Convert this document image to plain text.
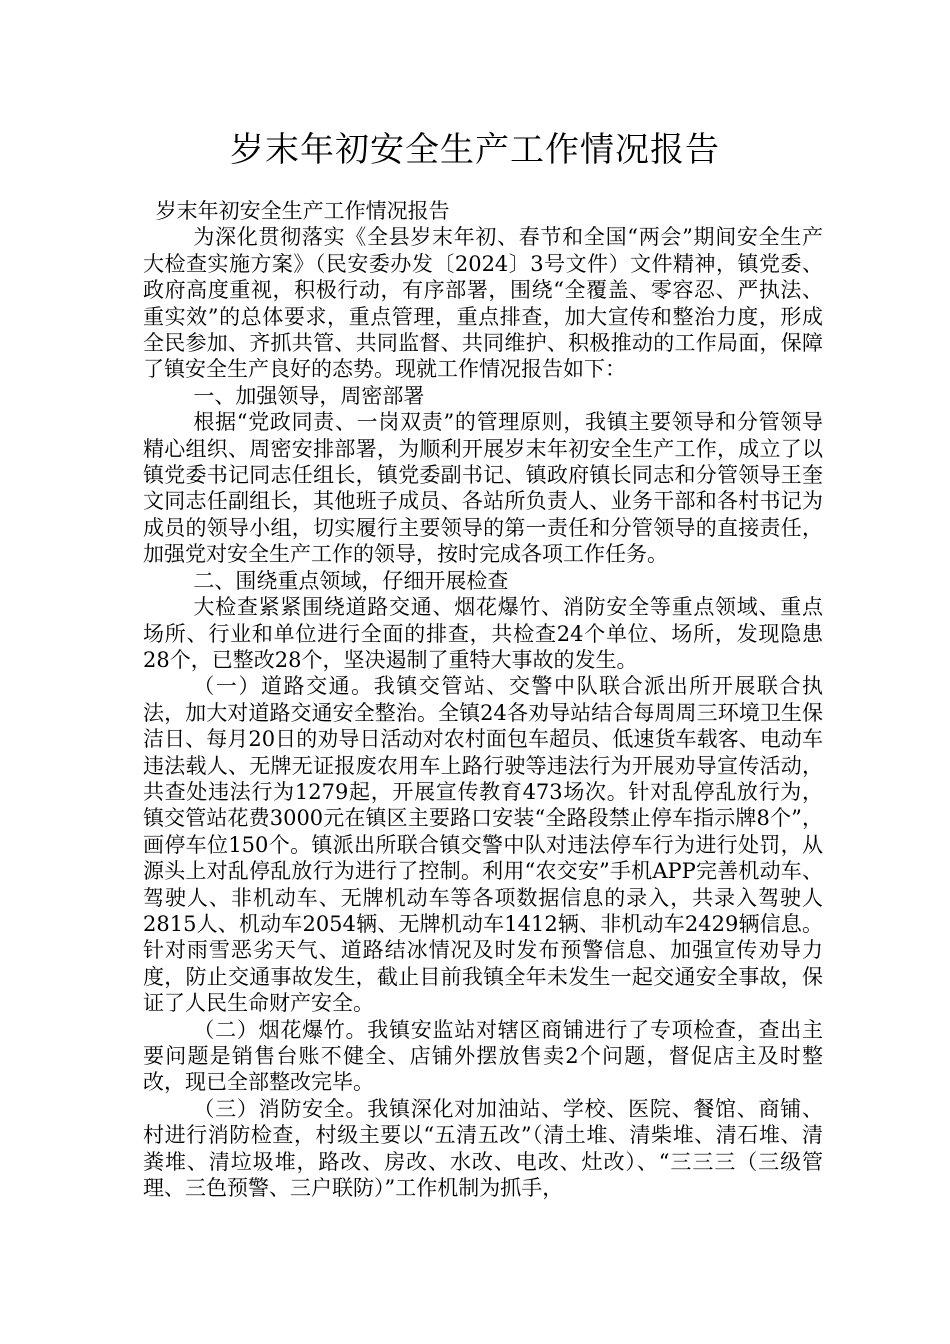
岁末年初安全生产工作情况报告

岁末年初安全生产工作情况报告

为深化贯彻落实《全县岁末年初、春节和全国“两会”期间安全生产大检查实施方案》（民安委办发〔2024〕3号文件）文件精神，镇党委、政府高度重视，积极行动，有序部署，围绕“全覆盖、零容忍、严执法、重实效”的总体要求，重点管理，重点排查，加大宣传和整治力度，形成全民参加、齐抓共管、共同监督、共同维护、积极推动的工作局面，保障了镇安全生产良好的态势。现就工作情况报告如下：

一、加强领导，周密部署

根据“党政同责、一岗双责”的管理原则，我镇主要领导和分管领导精心组织、周密安排部署，为顺利开展岁末年初安全生产工作，成立了以镇党委书记同志任组长，镇党委副书记、镇政府镇长同志和分管领导王奎文同志任副组长，其他班子成员、各站所负责人、业务干部和各村书记为成员的领导小组，切实履行主要领导的第一责任和分管领导的直接责任，加强党对安全生产工作的领导，按时完成各项工作任务。

二、围绕重点领域，仔细开展检查

大检查紧紧围绕道路交通、烟花爆竹、消防安全等重点领域、重点场所、行业和单位进行全面的排查，共检查24个单位、场所，发现隐患28个，已整改28个，坚决遏制了重特大事故的发生。

（一）道路交通。我镇交管站、交警中队联合派出所开展联合执法，加大对道路交通安全整治。全镇24各劝导站结合每周周三环境卫生保洁日、每月20日的劝导日活动对农村面包车超员、低速货车载客、电动车违法载人、无牌无证报废农用车上路行驶等违法行为开展劝导宣传活动，共查处违法行为1279起，开展宣传教育473场次。针对乱停乱放行为，镇交管站花费3000元在镇区主要路口安装“全路段禁止停车指示牌8个”，画停车位150个。镇派出所联合镇交警中队对违法停车行为进行处罚，从源头上对乱停乱放行为进行了控制。利用“农交安”手机APP完善机动车、驾驶人、非机动车、无牌机动车等各项数据信息的录入，共录入驾驶人2815人、机动车2054辆、无牌机动车1412辆、非机动车2429辆信息。针对雨雪恶劣天气、道路结冰情况及时发布预警信息、加强宣传劝导力度，防止交通事故发生，截止目前我镇全年未发生一起交通安全事故，保证了人民生命财产安全。

（二）烟花爆竹。我镇安监站对辖区商铺进行了专项检查，查出主要问题是销售台账不健全、店铺外摆放售卖2个问题，督促店主及时整改，现已全部整改完毕。

（三）消防安全。我镇深化对加油站、学校、医院、餐馆、商铺、村进行消防检查，村级主要以“五清五改”（清土堆、清柴堆、清石堆、清粪堆、清垃圾堆，路改、房改、水改、电改、灶改）、“三三三（三级管理、三色预警、三户联防）”工作机制为抓手，
